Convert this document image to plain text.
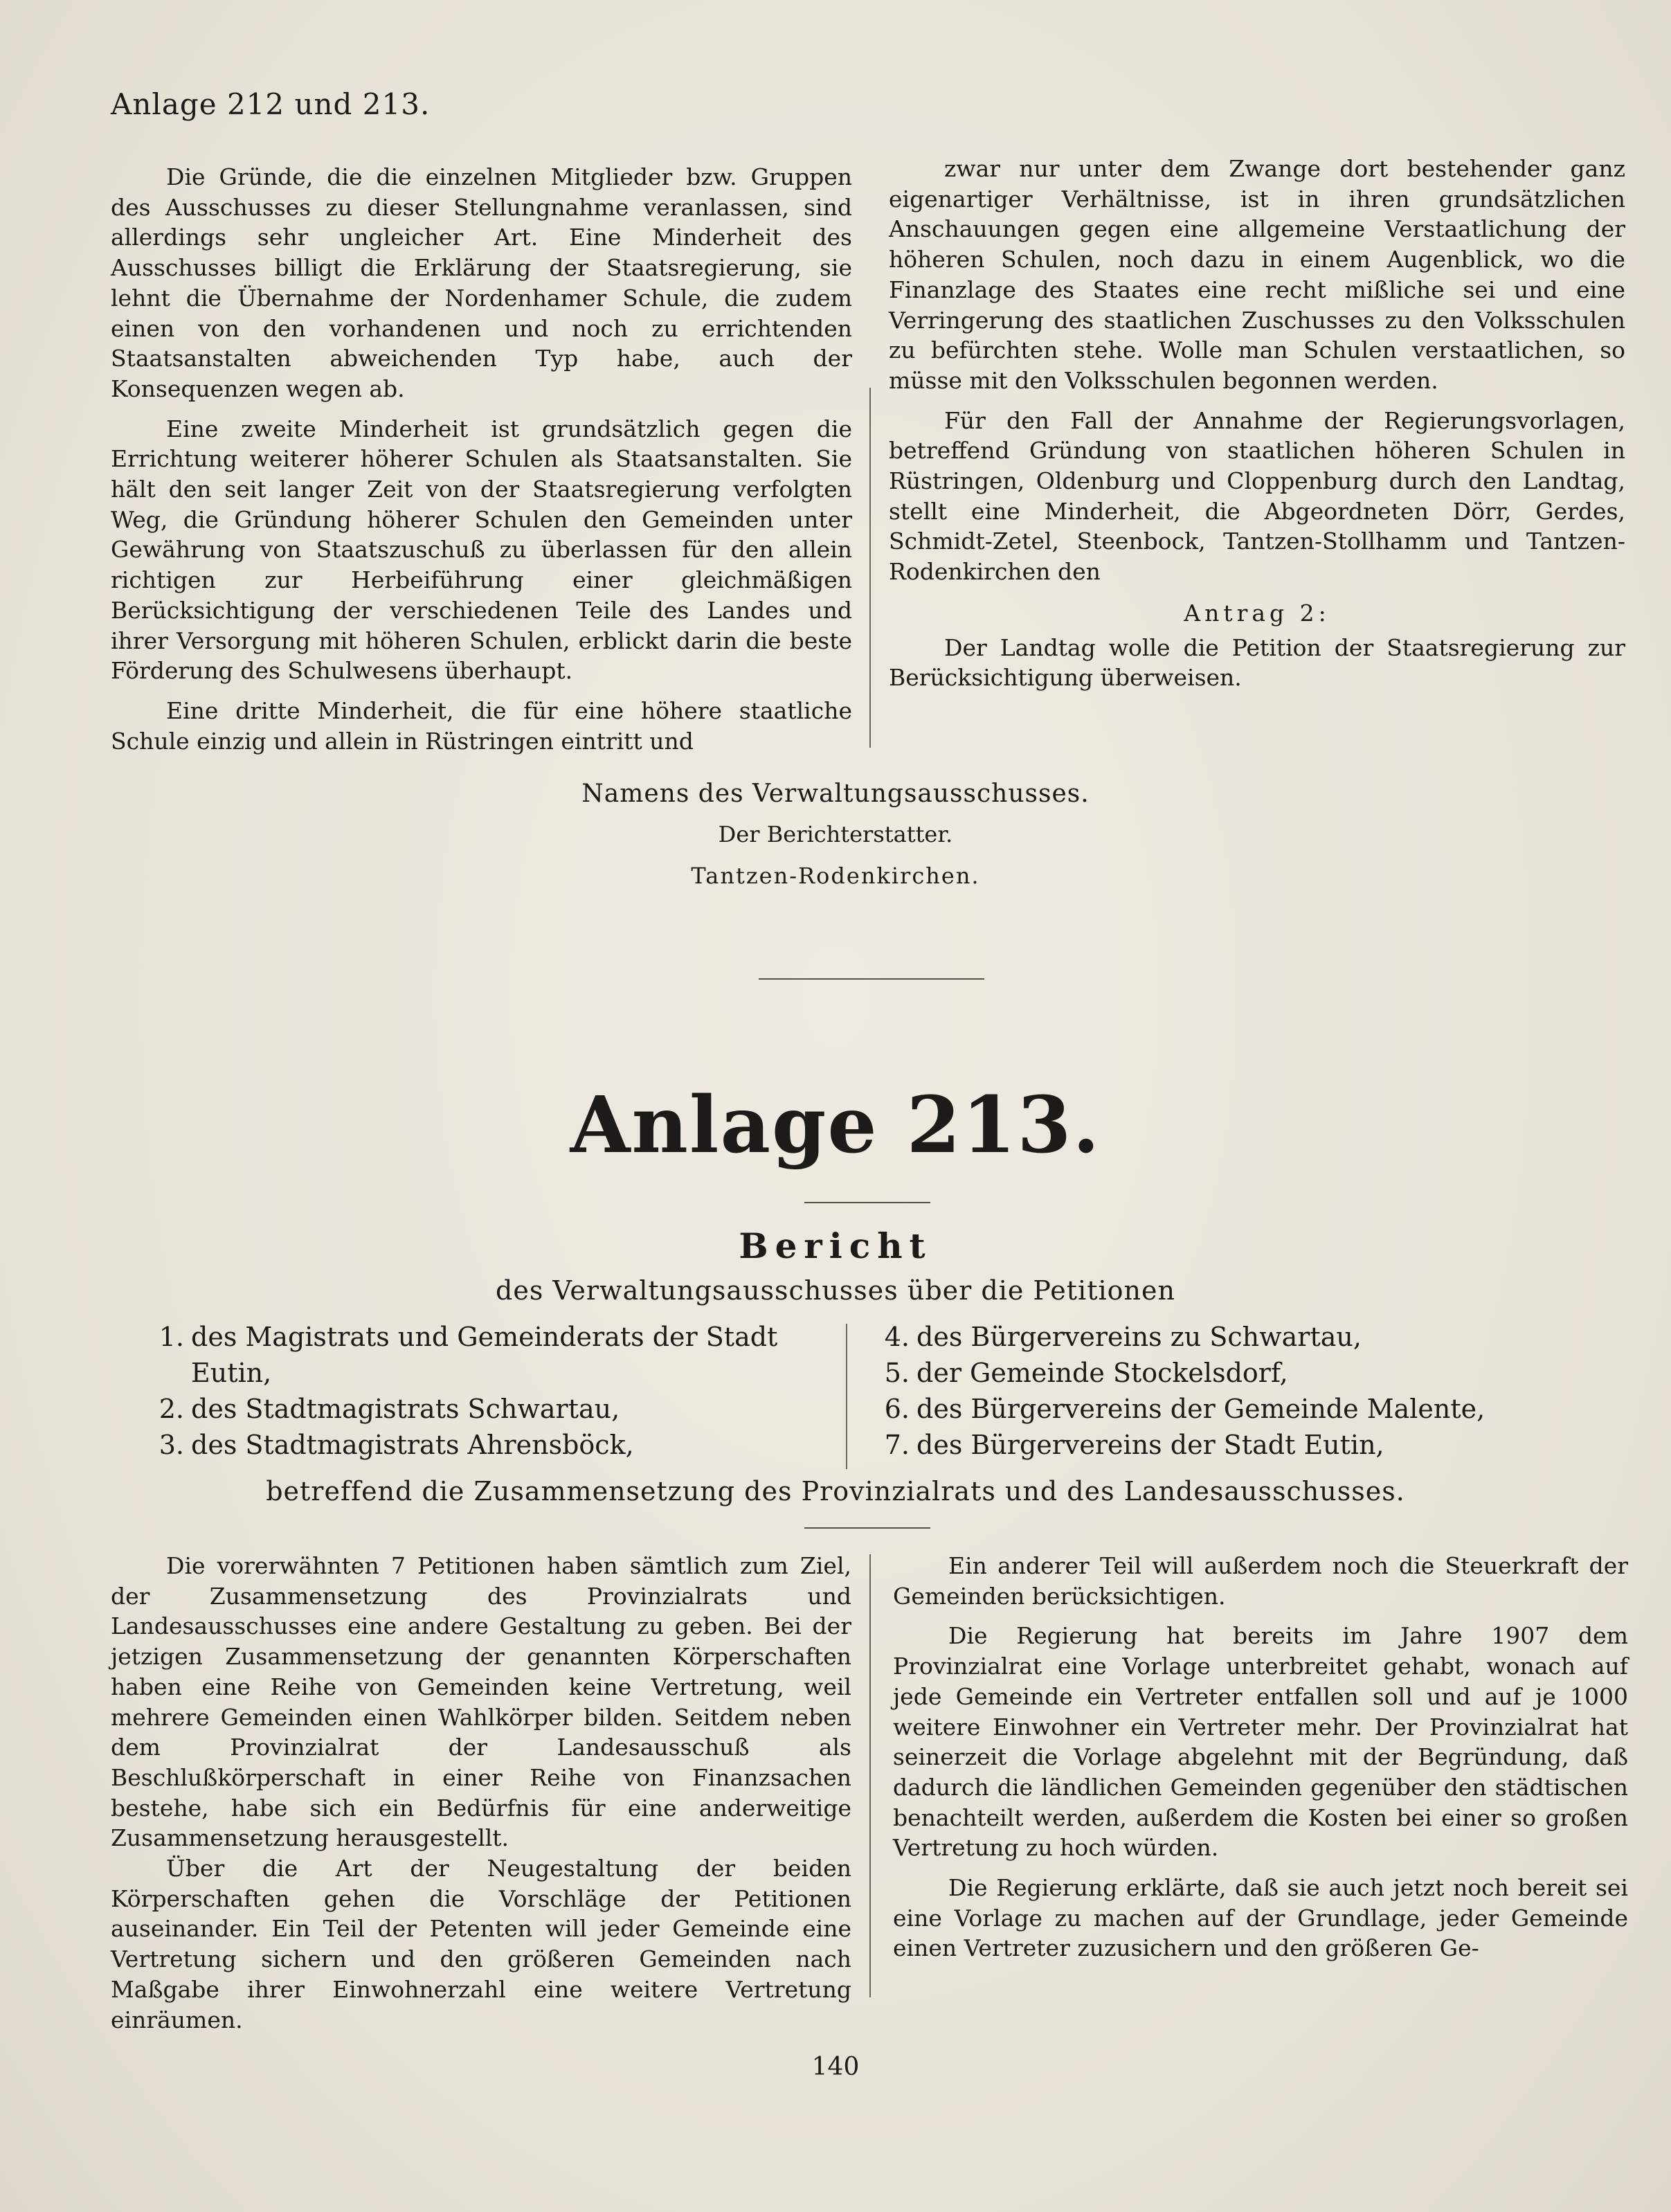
Anlage 212 und 213.

Die Gründe, die die einzelnen Mitglieder bzw. Gruppen des Ausschusses zu dieser Stellungnahme veranlassen, sind allerdings sehr ungleicher Art. Eine Minderheit des Ausschusses billigt die Erklärung der Staatsregierung, sie lehnt die Übernahme der Nordenhamer Schule, die zudem einen von den vorhandenen und noch zu errichtenden Staatsanstalten abweichenden Typ habe, auch der Konsequenzen wegen ab.

Eine zweite Minderheit ist grundsätzlich gegen die Errichtung weiterer höherer Schulen als Staatsanstalten. Sie hält den seit langer Zeit von der Staatsregierung verfolgten Weg, die Gründung höherer Schulen den Gemeinden unter Gewährung von Staatszuschuß zu überlassen für den allein richtigen zur Herbeiführung einer gleichmäßigen Berücksichtigung der verschiedenen Teile des Landes und ihrer Versorgung mit höheren Schulen, erblickt darin die beste Förderung des Schulwesens überhaupt.

Eine dritte Minderheit, die für eine höhere staatliche Schule einzig und allein in Rüstringen eintritt und

zwar nur unter dem Zwange dort bestehender ganz eigenartiger Verhältnisse, ist in ihren grundsätzlichen Anschauungen gegen eine allgemeine Verstaatlichung der höheren Schulen, noch dazu in einem Augenblick, wo die Finanzlage des Staates eine recht mißliche sei und eine Verringerung des staatlichen Zuschusses zu den Volksschulen zu befürchten stehe. Wolle man Schulen verstaatlichen, so müsse mit den Volksschulen begonnen werden.

Für den Fall der Annahme der Regierungsvorlagen, betreffend Gründung von staatlichen höheren Schulen in Rüstringen, Oldenburg und Cloppenburg durch den Landtag, stellt eine Minderheit, die Abgeordneten Dörr, Gerdes, Schmidt-Zetel, Steenbock, Tantzen-Stollhamm und Tantzen-Rodenkirchen den

Antrag 2:

Der Landtag wolle die Petition der Staatsregierung zur Berücksichtigung überweisen.

Namens des Verwaltungsausschusses.
Der Berichterstatter.
Tantzen-Rodenkirchen.
Anlage 213.
Bericht
des Verwaltungsausschusses über die Petitionen
1. des Magistrats und Gemeinderats der Stadt Eutin,
2. des Stadtmagistrats Schwartau,
3. des Stadtmagistrats Ahrensböck,
4. des Bürgervereins zu Schwartau,
5. der Gemeinde Stockelsdorf,
6. des Bürgervereins der Gemeinde Malente,
7. des Bürgervereins der Stadt Eutin,
betreffend die Zusammensetzung des Provinzialrats und des Landesausschusses.

Die vorerwähnten 7 Petitionen haben sämtlich zum Ziel, der Zusammensetzung des Provinzialrats und Landesausschusses eine andere Gestaltung zu geben. Bei der jetzigen Zusammensetzung der genannten Körperschaften haben eine Reihe von Gemeinden keine Vertretung, weil mehrere Gemeinden einen Wahlkörper bilden. Seitdem neben dem Provinzialrat der Landesausschuß als Beschlußkörperschaft in einer Reihe von Finanzsachen bestehe, habe sich ein Bedürfnis für eine anderweitige Zusammensetzung herausgestellt.

Über die Art der Neugestaltung der beiden Körperschaften gehen die Vorschläge der Petitionen auseinander. Ein Teil der Petenten will jeder Gemeinde eine Vertretung sichern und den größeren Gemeinden nach Maßgabe ihrer Einwohnerzahl eine weitere Vertretung einräumen.

Ein anderer Teil will außerdem noch die Steuerkraft der Gemeinden berücksichtigen.

Die Regierung hat bereits im Jahre 1907 dem Provinzialrat eine Vorlage unterbreitet gehabt, wonach auf jede Gemeinde ein Vertreter entfallen soll und auf je 1000 weitere Einwohner ein Vertreter mehr. Der Provinzialrat hat seinerzeit die Vorlage abgelehnt mit der Begründung, daß dadurch die ländlichen Gemeinden gegenüber den städtischen benachteilt werden, außerdem die Kosten bei einer so großen Vertretung zu hoch würden.

Die Regierung erklärte, daß sie auch jetzt noch bereit sei eine Vorlage zu machen auf der Grundlage, jeder Gemeinde einen Vertreter zuzusichern und den größeren Ge-

140
